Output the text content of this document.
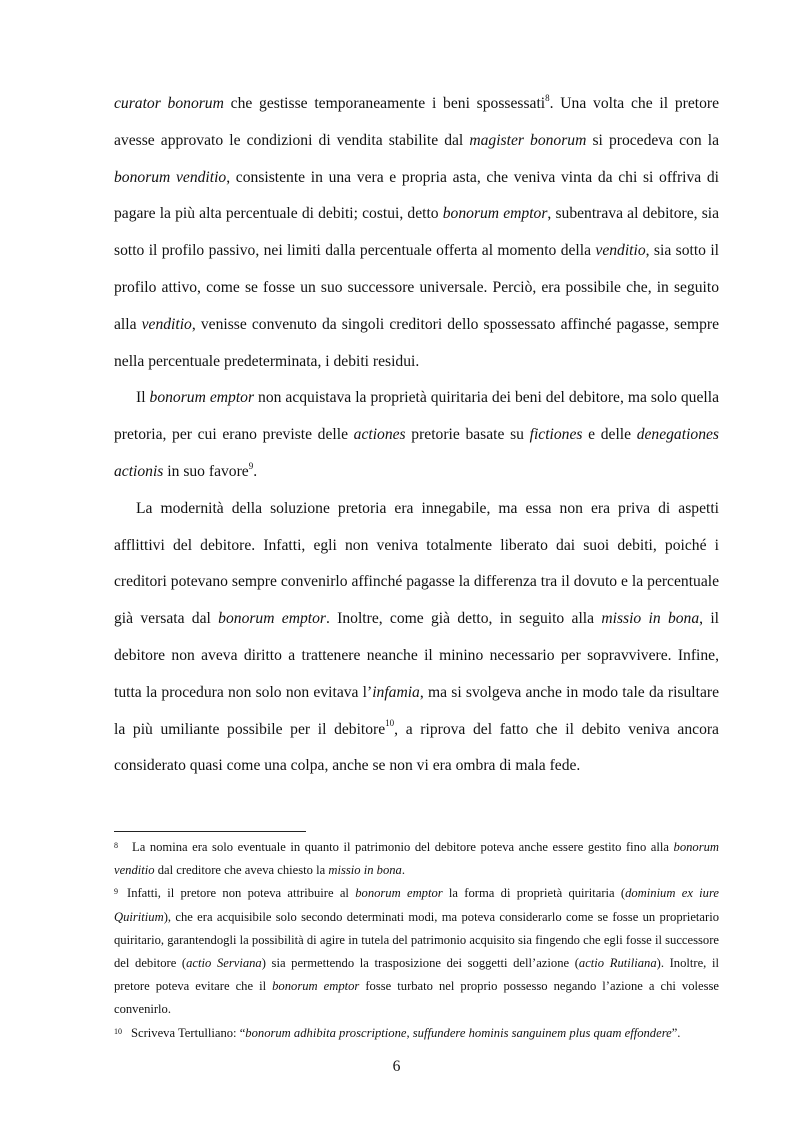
curator bonorum che gestisse temporaneamente i beni spossessati$^8$. Una volta che il pretore avesse approvato le condizioni di vendita stabilite dal magister bonorum si procedeva con la bonorum venditio, consistente in una vera e propria asta, che veniva vinta da chi si offriva di pagare la più alta percentuale di debiti; costui, detto bonorum emptor, subentrava al debitore, sia sotto il profilo passivo, nei limiti dalla percentuale offerta al momento della venditio, sia sotto il profilo attivo, come se fosse un suo successore universale. Perciò, era possibile che, in seguito alla venditio, venisse convenuto da singoli creditori dello spossessato affinché pagasse, sempre nella percentuale predeterminata, i debiti residui.

Il bonorum emptor non acquistava la proprietà quiritaria dei beni del debitore, ma solo quella pretoria, per cui erano previste delle actiones pretorie basate su fictiones e delle denegationes actionis in suo favore$^9$.

La modernità della soluzione pretoria era innegabile, ma essa non era priva di aspetti afflittivi del debitore. Infatti, egli non veniva totalmente liberato dai suoi debiti, poiché i creditori potevano sempre convenirlo affinché pagasse la differenza tra il dovuto e la percentuale già versata dal bonorum emptor. Inoltre, come già detto, in seguito alla missio in bona, il debitore non aveva diritto a trattenere neanche il minino necessario per sopravvivere. Infine, tutta la procedura non solo non evitava l’infamia, ma si svolgeva anche in modo tale da risultare la più umiliante possibile per il debitore$^{10}$, a riprova del fatto che il debito veniva ancora considerato quasi come una colpa, anche se non vi era ombra di mala fede.

$^8$ La nomina era solo eventuale in quanto il patrimonio del debitore poteva anche essere gestito fino alla bonorum venditio dal creditore che aveva chiesto la missio in bona.

$^9$ Infatti, il pretore non poteva attribuire al bonorum emptor la forma di proprietà quiritaria (dominium ex iure Quiritium), che era acquisibile solo secondo determinati modi, ma poteva considerarlo come se fosse un proprietario quiritario, garantendogli la possibilità di agire in tutela del patrimonio acquisito sia fingendo che egli fosse il successore del debitore (actio Serviana) sia permettendo la trasposizione dei soggetti dell’azione (actio Rutiliana). Inoltre, il pretore poteva evitare che il bonorum emptor fosse turbato nel proprio possesso negando l’azione a chi volesse convenirlo.

$^{10}$ Scriveva Tertulliano: “bonorum adhibita proscriptione, suffundere hominis sanguinem plus quam effondere”.

6
